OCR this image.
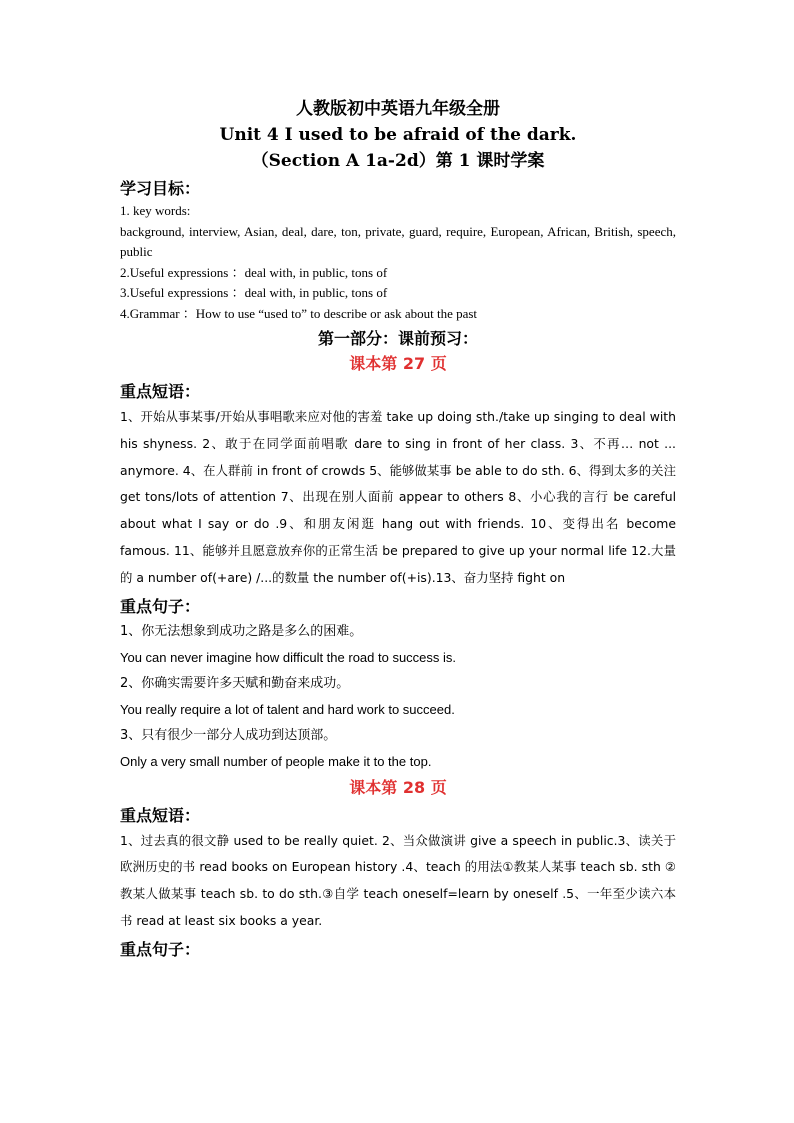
人教版初中英语九年级全册

Unit 4 I used to be afraid of the dark.

（Section A 1a-2d）第 1 课时学案

学习目标：

1. key words:

background, interview, Asian, deal, dare, ton, private, guard, require, European, African, British, speech, public

2.Useful expressions ：deal with, in public, tons of

3.Useful expressions ：deal with, in public, tons of

4.Grammar ：How to use “used to” to describe or ask about the past

第一部分：课前预习：
课本第 27 页
重点短语：

1、开始从事某事/开始从事唱歌来应对他的害羞 take up doing sth./take up singing to deal with his shyness. 2、敢于在同学面前唱歌 dare to sing in front of her class. 3、不再… not ... anymore. 4、在人群前 in front of crowds 5、能够做某事 be able to do sth. 6、得到太多的关注 get tons/lots of attention 7、出现在别人面前 appear to others 8、小心我的言行 be careful about what I say or do .9、和朋友闲逛 hang out with friends. 10、变得出名 become famous. 11、能够并且愿意放弃你的正常生活 be prepared to give up your normal life 12.大量的 a number of(+are) /...的数量 the number of(+is).13、奋力坚持 fight on

重点句子：

1、你无法想象到成功之路是多么的困难。

You can never imagine how difficult the road to success is.

2、你确实需要许多天赋和勤奋来成功。

You really require a lot of talent and hard work to succeed.

3、只有很少一部分人成功到达顶部。

Only a very small number of people make it to the top.

课本第 28 页
重点短语：

1、过去真的很文静 used to be really quiet. 2、当众做演讲 give a speech in public.3、读关于欧洲历史的书 read books on European history .4、teach 的用法①教某人某事 teach sb. sth ②教某人做某事 teach sb. to do sth.③自学 teach oneself=learn by oneself .5、一年至少读六本书 read at least six books a year.

重点句子：
